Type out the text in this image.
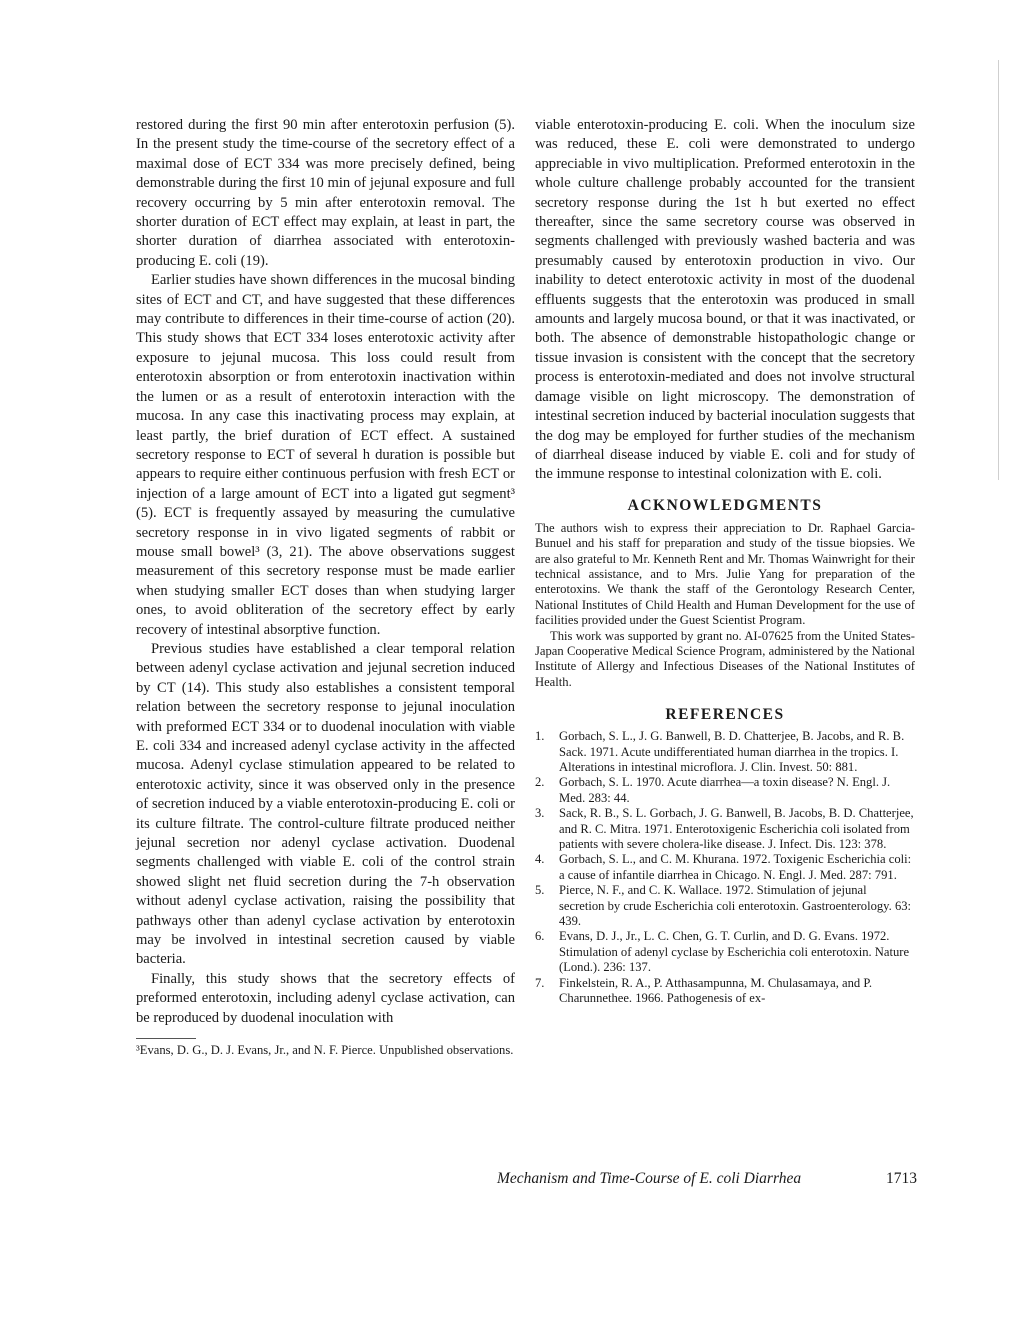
restored during the first 90 min after enterotoxin perfusion (5). In the present study the time-course of the secretory effect of a maximal dose of ECT 334 was more precisely defined, being demonstrable during the first 10 min of jejunal exposure and full recovery occurring by 5 min after enterotoxin removal. The shorter duration of ECT effect may explain, at least in part, the shorter duration of diarrhea associated with enterotoxin-producing E. coli (19).

Earlier studies have shown differences in the mucosal binding sites of ECT and CT, and have suggested that these differences may contribute to differences in their time-course of action (20). This study shows that ECT 334 loses enterotoxic activity after exposure to jejunal mucosa. This loss could result from enterotoxin absorption or from enterotoxin inactivation within the lumen or as a result of enterotoxin interaction with the mucosa. In any case this inactivating process may explain, at least partly, the brief duration of ECT effect. A sustained secretory response to ECT of several h duration is possible but appears to require either continuous perfusion with fresh ECT or injection of a large amount of ECT into a ligated gut segment³ (5). ECT is frequently assayed by measuring the cumulative secretory response in in vivo ligated segments of rabbit or mouse small bowel³ (3, 21). The above observations suggest measurement of this secretory response must be made earlier when studying smaller ECT doses than when studying larger ones, to avoid obliteration of the secretory effect by early recovery of intestinal absorptive function.

Previous studies have established a clear temporal relation between adenyl cyclase activation and jejunal secretion induced by CT (14). This study also establishes a consistent temporal relation between the secretory response to jejunal inoculation with preformed ECT 334 or to duodenal inoculation with viable E. coli 334 and increased adenyl cyclase activity in the affected mucosa. Adenyl cyclase stimulation appeared to be related to enterotoxic activity, since it was observed only in the presence of secretion induced by a viable enterotoxin-producing E. coli or its culture filtrate. The control-culture filtrate produced neither jejunal secretion nor adenyl cyclase activation. Duodenal segments challenged with viable E. coli of the control strain showed slight net fluid secretion during the 7-h observation without adenyl cyclase activation, raising the possibility that pathways other than adenyl cyclase activation by enterotoxin may be involved in intestinal secretion caused by viable bacteria.

Finally, this study shows that the secretory effects of preformed enterotoxin, including adenyl cyclase activation, can be reproduced by duodenal inoculation with

³Evans, D. G., D. J. Evans, Jr., and N. F. Pierce. Unpublished observations.

viable enterotoxin-producing E. coli. When the inoculum size was reduced, these E. coli were demonstrated to undergo appreciable in vivo multiplication. Preformed enterotoxin in the whole culture challenge probably accounted for the transient secretory response during the 1st h but exerted no effect thereafter, since the same secretory course was observed in segments challenged with previously washed bacteria and was presumably caused by enterotoxin production in vivo. Our inability to detect enterotoxic activity in most of the duodenal effluents suggests that the enterotoxin was produced in small amounts and largely mucosa bound, or that it was inactivated, or both. The absence of demonstrable histopathologic change or tissue invasion is consistent with the concept that the secretory process is enterotoxin-mediated and does not involve structural damage visible on light microscopy. The demonstration of intestinal secretion induced by bacterial inoculation suggests that the dog may be employed for further studies of the mechanism of diarrheal disease induced by viable E. coli and for study of the immune response to intestinal colonization with E. coli.

ACKNOWLEDGMENTS

The authors wish to express their appreciation to Dr. Raphael Garcia-Bunuel and his staff for preparation and study of the tissue biopsies. We are also grateful to Mr. Kenneth Rent and Mr. Thomas Wainwright for their technical assistance, and to Mrs. Julie Yang for preparation of the enterotoxins. We thank the staff of the Gerontology Research Center, National Institutes of Child Health and Human Development for the use of facilities provided under the Guest Scientist Program.

This work was supported by grant no. AI-07625 from the United States-Japan Cooperative Medical Science Program, administered by the National Institute of Allergy and Infectious Diseases of the National Institutes of Health.

REFERENCES
1.	Gorbach, S. L., J. G. Banwell, B. D. Chatterjee, B. Jacobs, and R. B. Sack. 1971. Acute undifferentiated human diarrhea in the tropics. I. Alterations in intestinal microflora. J. Clin. Invest. 50: 881.
2.	Gorbach, S. L. 1970. Acute diarrhea—a toxin disease? N. Engl. J. Med. 283: 44.
3.	Sack, R. B., S. L. Gorbach, J. G. Banwell, B. Jacobs, B. D. Chatterjee, and R. C. Mitra. 1971. Enterotoxigenic Escherichia coli isolated from patients with severe cholera-like disease. J. Infect. Dis. 123: 378.
4.	Gorbach, S. L., and C. M. Khurana. 1972. Toxigenic Escherichia coli: a cause of infantile diarrhea in Chicago. N. Engl. J. Med. 287: 791.
5.	Pierce, N. F., and C. K. Wallace. 1972. Stimulation of jejunal secretion by crude Escherichia coli enterotoxin. Gastroenterology. 63: 439.
6.	Evans, D. J., Jr., L. C. Chen, G. T. Curlin, and D. G. Evans. 1972. Stimulation of adenyl cyclase by Escherichia coli enterotoxin. Nature (Lond.). 236: 137.
7.	Finkelstein, R. A., P. Atthasampunna, M. Chulasamaya, and P. Charunnethee. 1966. Pathogenesis of ex-
Mechanism and Time-Course of E. coli Diarrhea	1713
